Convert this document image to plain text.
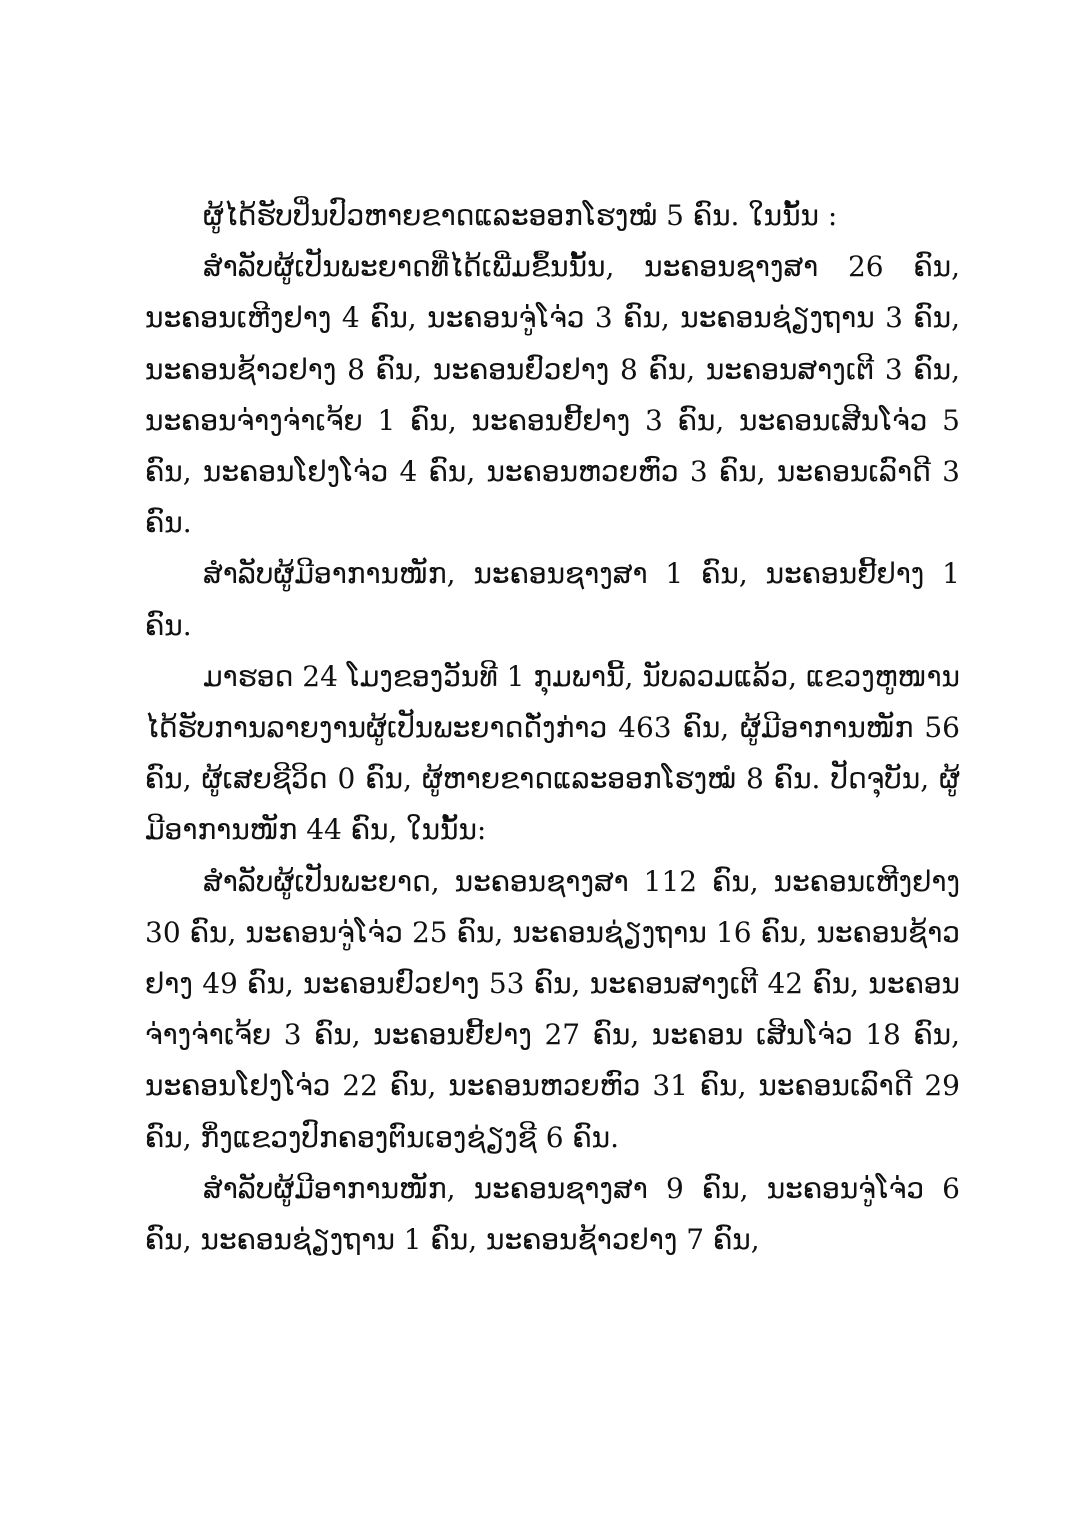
ຜູ້ໄດ້ຮັບປິ່ນປົວຫາຍຂາດແລະອອກໂຮງໝໍ 5 ຄົນ. ໃນນັ້ນ :

ສໍາລັບຜູ້ເປັນພະຍາດທີ່ໄດ້ເພີ່ມຂຶ້ນນັ້ນ, ນະຄອນຊາງສາ 26 ຄົນ, ນະຄອນເຫີງຢາງ 4 ຄົນ, ນະຄອນຈູ່ໂຈ່ວ 3 ຄົນ, ນະຄອນຊ່ຽງຖານ 3 ຄົນ, ນະຄອນຊ້າວຢາງ 8 ຄົນ, ນະຄອນຢົວຢາງ 8 ຄົນ, ນະຄອນສາງເຕີ 3 ຄົນ, ນະຄອນຈ່າງຈ່າເຈ້ຍ 1 ຄົນ, ນະຄອນຢີ້ຢາງ 3 ຄົນ, ນະຄອນເສີນໂຈ່ວ 5 ຄົນ, ນະຄອນໂຢງໂຈ່ວ 4 ຄົນ, ນະຄອນຫວຍຫົວ 3 ຄົນ, ນະຄອນເລົາດີ 3 ຄົນ.

ສໍາລັບຜູ້ມີອາການໜັກ, ນະຄອນຊາງສາ 1 ຄົນ, ນະຄອນຢີ້ຢາງ 1 ຄົນ.

ມາຮອດ 24 ໂມງຂອງວັນທີ 1 ກຸມພານີ້, ນັບລວມແລ້ວ, ແຂວງຫູໜານໄດ້ຮັບການລາຍງານຜູ້ເປັນພະຍາດດັ່ງກ່າວ 463 ຄົນ, ຜູ້ມີອາການໜັກ 56 ຄົນ, ຜູ້ເສຍຊີວິດ 0 ຄົນ, ຜູ້ຫາຍຂາດແລະອອກໂຮງໝໍ 8 ຄົນ. ປັດຈຸບັນ, ຜູ້ມີອາການໜັກ 44 ຄົນ, ໃນນັ້ນ:

ສໍາລັບຜູ້ເປັນພະຍາດ, ນະຄອນຊາງສາ 112 ຄົນ, ນະຄອນເຫີງຢາງ 30 ຄົນ, ນະຄອນຈູ່ໂຈ່ວ 25 ຄົນ, ນະຄອນຊ່ຽງຖານ 16 ຄົນ, ນະຄອນຊ້າວຢາງ 49 ຄົນ, ນະຄອນຢົວຢາງ 53 ຄົນ, ນະຄອນສາງເຕີ 42 ຄົນ, ນະຄອນຈ່າງຈ່າເຈ້ຍ 3 ຄົນ, ນະຄອນຢີ້ຢາງ 27 ຄົນ, ນະຄອນ ເສີນໂຈ່ວ 18 ຄົນ, ນະຄອນໂຢງໂຈ່ວ 22 ຄົນ, ນະຄອນຫວຍຫົວ 31 ຄົນ, ນະຄອນເລົາດີ 29 ຄົນ, ກິ່ງແຂວງປົກຄອງຕົນເອງຊ່ຽງຊີ 6 ຄົນ.

ສໍາລັບຜູ້ມີອາການໜັກ, ນະຄອນຊາງສາ 9 ຄົນ, ນະຄອນຈູ່ໂຈ່ວ 6 ຄົນ, ນະຄອນຊ່ຽງຖານ 1 ຄົນ, ນະຄອນຊ້າວຢາງ 7 ຄົນ,
